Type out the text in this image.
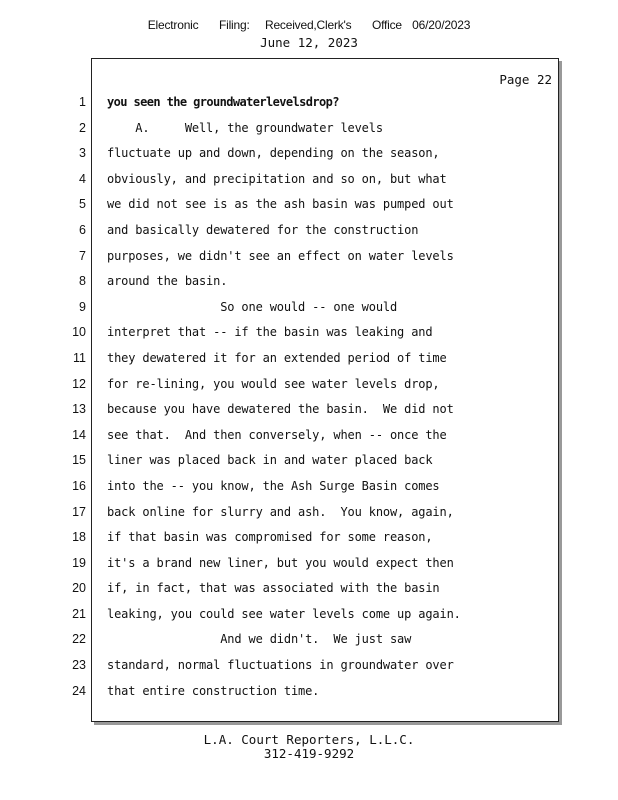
Electronic    Filing:   Received,Clerk's    Office  06/20/2023
June 12, 2023
Page 22
1
2
3
4
5
6
7
8
9
10
11
12
13
14
15
16
17
18
19
20
21
22
23
24
you seen the groundwaterlevelsdrop?
A.     Well, the groundwater levels
fluctuate up and down, depending on the season,
obviously, and precipitation and so on, but what
we did not see is as the ash basin was pumped out
and basically dewatered for the construction
purposes, we didn't see an effect on water levels
around the basin.
So one would -- one would
interpret that -- if the basin was leaking and
they dewatered it for an extended period of time
for re-lining, you would see water levels drop,
because you have dewatered the basin.  We did not
see that.  And then conversely, when -- once the
liner was placed back in and water placed back
into the -- you know, the Ash Surge Basin comes
back online for slurry and ash.  You know, again,
if that basin was compromised for some reason,
it's a brand new liner, but you would expect then
if, in fact, that was associated with the basin
leaking, you could see water levels come up again.
And we didn't.  We just saw
standard, normal fluctuations in groundwater over
that entire construction time.
L.A. Court Reporters, L.L.C.
312-419-9292
